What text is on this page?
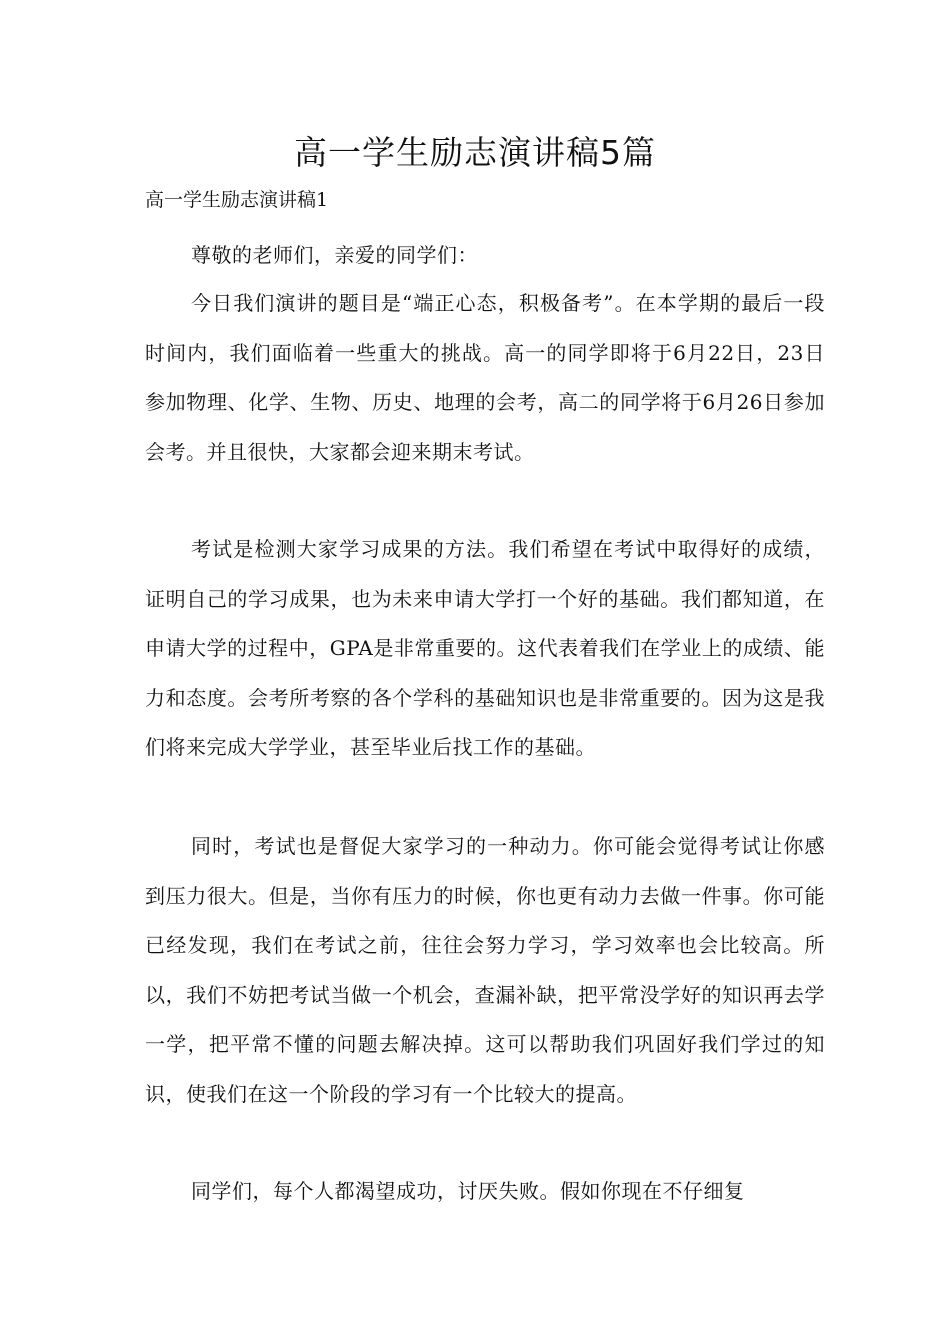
高一学生励志演讲稿5篇

高一学生励志演讲稿1

尊敬的老师们，亲爱的同学们：

今日我们演讲的题目是“端正心态，积极备考”。在本学期的最后一段时间内，我们面临着一些重大的挑战。高一的同学即将于6月22日，23日参加物理、化学、生物、历史、地理的会考，高二的同学将于6月26日参加会考。并且很快，大家都会迎来期末考试。

考试是检测大家学习成果的方法。我们希望在考试中取得好的成绩，证明自己的学习成果，也为未来申请大学打一个好的基础。我们都知道，在申请大学的过程中，GPA是非常重要的。这代表着我们在学业上的成绩、能力和态度。会考所考察的各个学科的基础知识也是非常重要的。因为这是我们将来完成大学学业，甚至毕业后找工作的基础。

同时，考试也是督促大家学习的一种动力。你可能会觉得考试让你感到压力很大。但是，当你有压力的时候，你也更有动力去做一件事。你可能已经发现，我们在考试之前，往往会努力学习，学习效率也会比较高。所以，我们不妨把考试当做一个机会，查漏补缺，把平常没学好的知识再去学一学，把平常不懂的问题去解决掉。这可以帮助我们巩固好我们学过的知识，使我们在这一个阶段的学习有一个比较大的提高。

同学们，每个人都渴望成功，讨厌失败。假如你现在不仔细复
